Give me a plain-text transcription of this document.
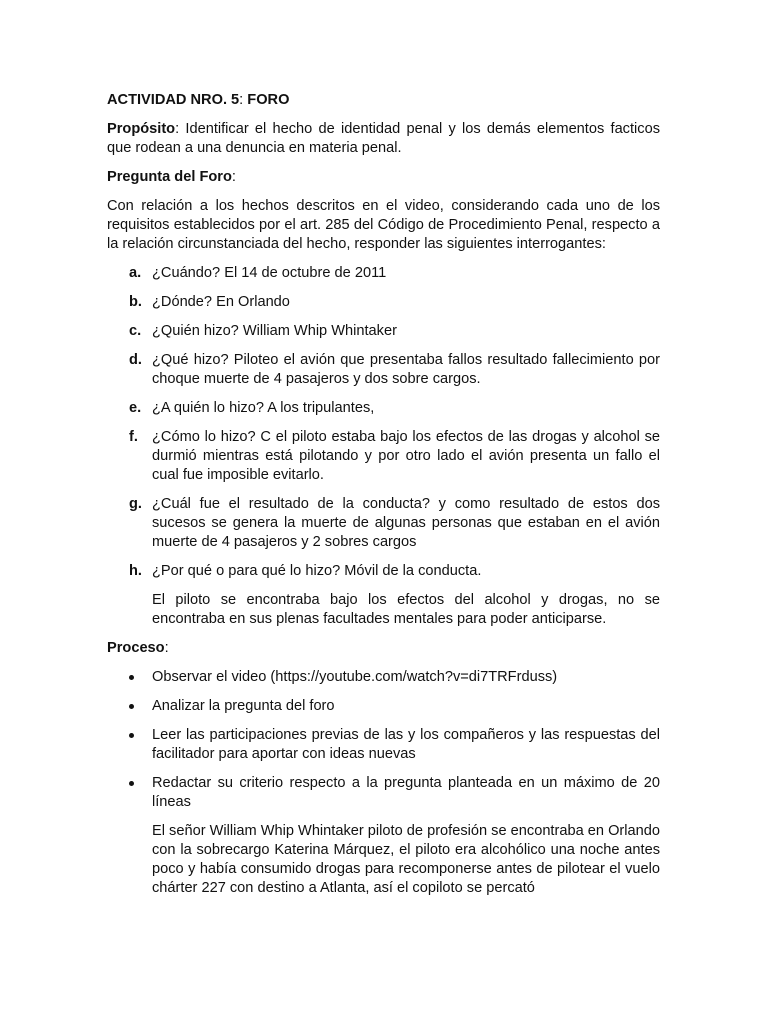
ACTIVIDAD NRO. 5: FORO

Propósito: Identificar el hecho de identidad penal y los demás elementos facticos que rodean a una denuncia en materia penal.

Pregunta del Foro:

Con relación a los hechos descritos en el video, considerando cada uno de los requisitos establecidos por el art. 285 del Código de Procedimiento Penal, respecto a la relación circunstanciada del hecho, responder las siguientes interrogantes:

a. ¿Cuándo? El 14 de octubre de 2011
b. ¿Dónde? En Orlando
c. ¿Quién hizo? William Whip Whintaker
d. ¿Qué hizo? Piloteo el avión que presentaba fallos resultado fallecimiento por choque muerte de 4 pasajeros y dos sobre cargos.
e. ¿A quién lo hizo? A los tripulantes,
f. ¿Cómo lo hizo? C el piloto estaba bajo los efectos de las drogas y alcohol se durmió mientras está pilotando y por otro lado el avión presenta un fallo el cual fue imposible evitarlo.
g. ¿Cuál fue el resultado de la conducta? y como resultado de estos dos sucesos se genera la muerte de algunas personas que estaban en el avión muerte de 4 pasajeros y 2 sobres cargos
h. ¿Por qué o para qué lo hizo? Móvil de la conducta.

El piloto se encontraba bajo los efectos del alcohol y drogas, no se encontraba en sus plenas facultades mentales para poder anticiparse.

Proceso:

Observar el video (https://youtube.com/watch?v=di7TRFrduss)
Analizar la pregunta del foro
Leer las participaciones previas de las y los compañeros y las respuestas del facilitador para aportar con ideas nuevas
Redactar su criterio respecto a la pregunta planteada en un máximo de 20 líneas

El señor William Whip Whintaker piloto de profesión se encontraba en Orlando con la sobrecargo Katerina Márquez, el piloto era alcohólico una noche antes poco y había consumido drogas para recomponerse antes de pilotear el vuelo chárter 227 con destino a Atlanta, así el copiloto se percató
